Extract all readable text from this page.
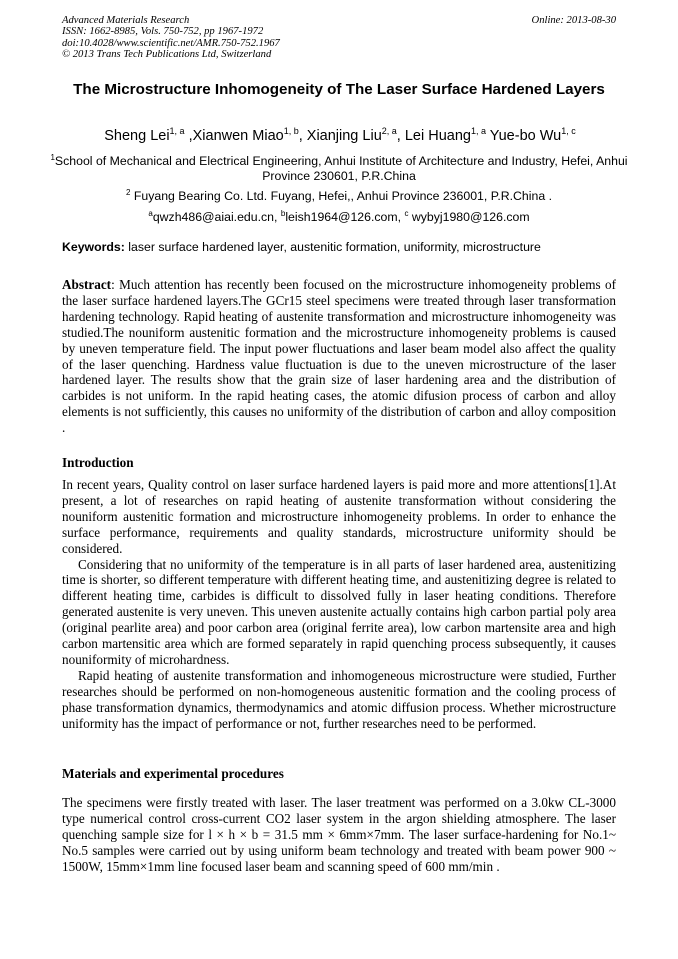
Advanced Materials Research
ISSN: 1662-8985, Vols. 750-752, pp 1967-1972
doi:10.4028/www.scientific.net/AMR.750-752.1967
© 2013 Trans Tech Publications Ltd, Switzerland
Online: 2013-08-30
The Microstructure Inhomogeneity of The Laser Surface Hardened Layers
Sheng Lei$^{1, a}$ ,Xianwen Miao$^{1, b}$, Xianjing Liu$^{2, a}$, Lei Huang$^{1, a}$ Yue-bo Wu$^{1, c}$
$^1$School of Mechanical and Electrical Engineering, Anhui Institute of Architecture and Industry, Hefei, Anhui Province 230601, P.R.China
$^2$ Fuyang Bearing Co. Ltd. Fuyang, Hefei,, Anhui Province 236001, P.R.China .
$^a$qwzh486@aiai.edu.cn, $^b$leish1964@126.com, $^c$ wybyj1980@126.com
Keywords: laser surface hardened layer, austenitic formation, uniformity, microstructure
Abstract: Much attention has recently been focused on the microstructure inhomogeneity problems of the laser surface hardened layers.The GCr15 steel specimens were treated through laser transformation hardening technology. Rapid heating of austenite transformation and microstructure inhomogeneity was studied.The nouniform austenitic formation and the microstructure inhomogeneity problems is caused by uneven temperature field. The input power fluctuations and laser beam model also affect the quality of the laser quenching. Hardness value fluctuation is due to the uneven microstructure of the laser hardened layer. The results show that the grain size of laser hardening area and the distribution of carbides is not uniform. In the rapid heating cases, the atomic difusion process of carbon and alloy elements is not sufficiently, this causes no uniformity of the distribution of carbon and alloy composition .
Introduction

In recent years, Quality control on laser surface hardened layers is paid more and more attentions[1].At present, a lot of researches on rapid heating of austenite transformation without considering the nouniform austenitic formation and microstructure inhomogeneity problems. In order to enhance the surface performance, requirements and quality standards, microstructure uniformity should be considered.

Considering that no uniformity of the temperature is in all parts of laser hardened area, austenitizing time is shorter, so different temperature with different heating time, and austenitizing degree is related to different heating time, carbides is difficult to dissolved fully in laser heating conditions. Therefore generated austenite is very uneven. This uneven austenite actually contains high carbon partial poly area (original pearlite area) and poor carbon area (original ferrite area), low carbon martensite area and high carbon martensitic area which are formed separately in rapid quenching process subsequently, it causes nouniformity of microhardness.

Rapid heating of austenite transformation and inhomogeneous microstructure were studied, Further researches should be performed on non-homogeneous austenitic formation and the cooling process of phase transformation dynamics, thermodynamics and atomic diffusion process. Whether microstructure uniformity has the impact of performance or not, further researches need to be performed.

Materials and experimental procedures
The specimens were firstly treated with laser. The laser treatment was performed on a 3.0kw CL-3000 type numerical control cross-current CO2 laser system in the argon shielding atmosphere. The laser quenching sample size for l × h × b = 31.5 mm × 6mm×7mm. The laser surface-hardening for No.1~ No.5 samples were carried out by using uniform beam technology and treated with beam power 900 ~ 1500W, 15mm×1mm line focused laser beam and scanning speed of 600 mm/min .
